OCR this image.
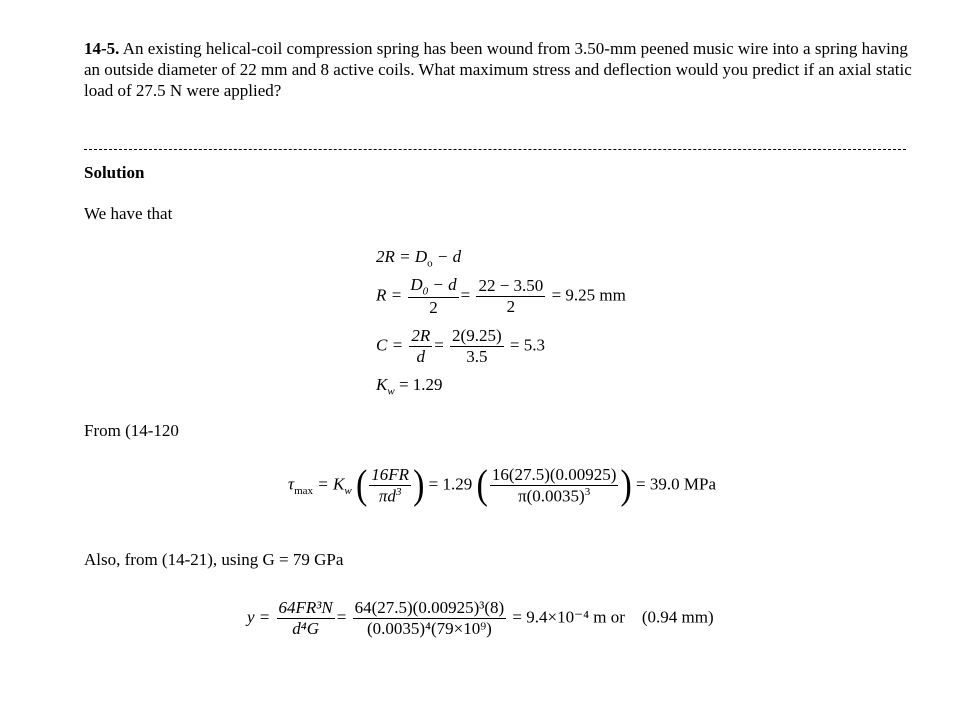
14-5. An existing helical-coil compression spring has been wound from 3.50-mm peened music wire into a spring having an outside diameter of 22 mm and 8 active coils. What maximum stress and deflection would you predict if an axial static load of 27.5 N were applied?
Solution
We have that
$2R = D_o - d$
$R = \frac{D_0 - d}{2} = \frac{22 - 3.50}{2} = 9.25$ mm
$C = \frac{2R}{d} = \frac{2(9.25)}{3.5} = 5.3$
$K_w = 1.29$
From (14-120
$\tau_{max} = K_w$ ( $\frac{16FR}{\pi d^3}$ ) = 1.29 ( $\frac{16(27.5)(0.00925)}{\pi(0.0035)^3}$ ) = 39.0 MPa
Also, from (14-21), using G = 79 GPa
$y = \frac{\text{64FR³N}}{\text{d⁴G}} = \frac{\text{64(27.5)(0.00925)³(8)}}{\text{(0.0035)⁴(79×10⁹)}} = 9.4\times 10^{-4}$ m or (0.94 mm)
